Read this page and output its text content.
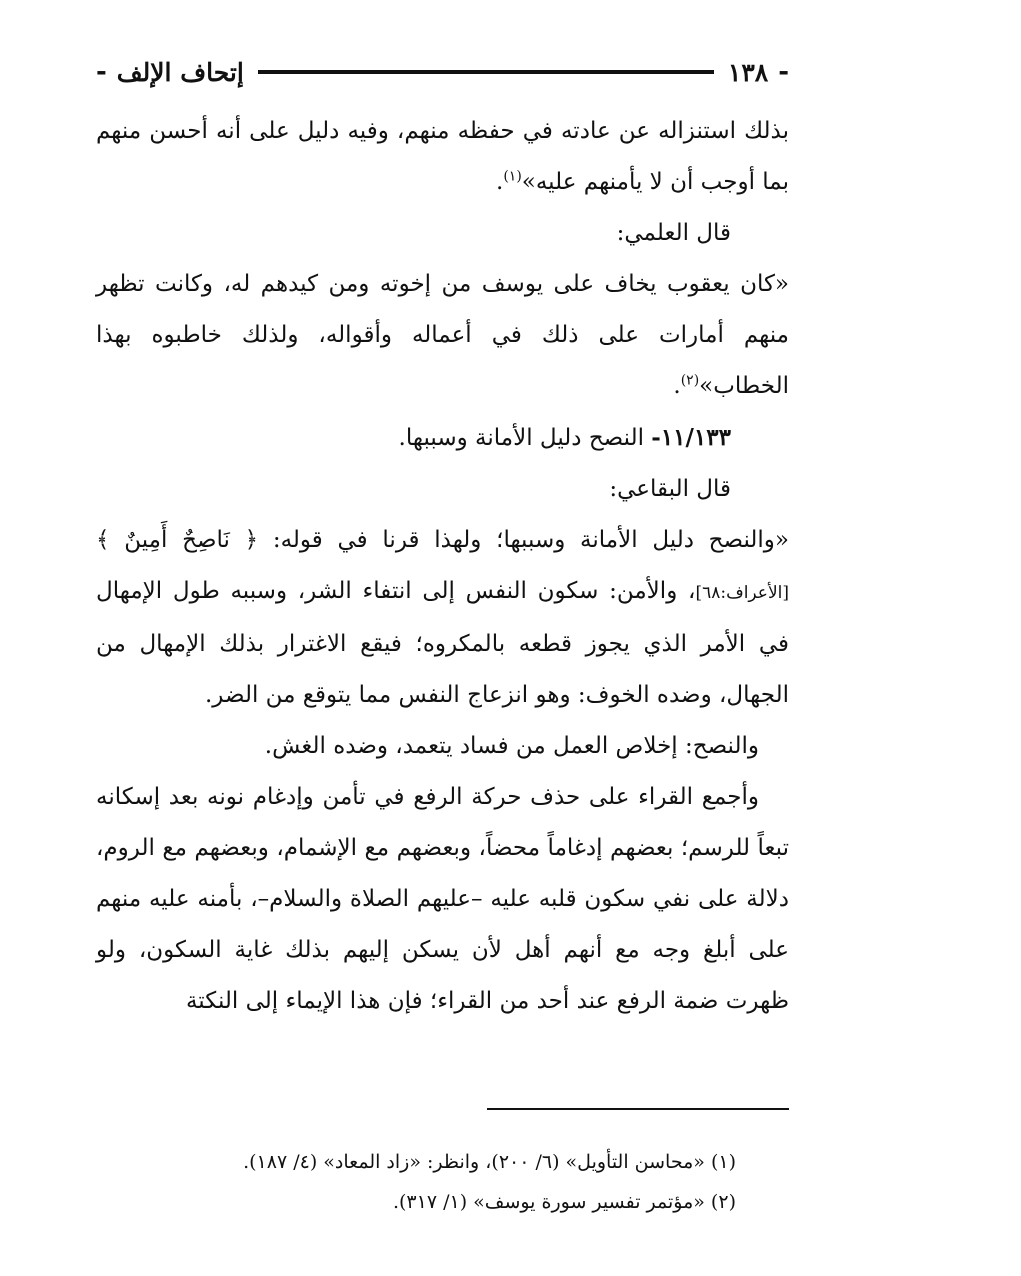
-
١٣٨
إتحاف الإلف
-

بذلك استنزاله عن عادته في حفظه منهم، وفيه دليل على أنه أحسن منهم بما أوجب أن لا يأمنهم عليه»$^{(١)}$.

قال العلمي:

«كان يعقوب يخاف على يوسف من إخوته ومن كيدهم له، وكانت تظهر منهم أمارات على ذلك في أعماله وأقواله، ولذلك خاطبوه بهذا الخطاب»$^{(٢)}$.

١١/١٣٣- النصح دليل الأمانة وسببها.

قال البقاعي:

«والنصح دليل الأمانة وسببها؛ ولهذا قرنا في قوله: ﴿ نَاصِحٌ أَمِينٌ ﴾ [الأعراف:٦٨]، والأمن: سكون النفس إلى انتفاء الشر، وسببه طول الإمهال في الأمر الذي يجوز قطعه بالمكروه؛ فيقع الاغترار بذلك الإمهال من الجهال، وضده الخوف: وهو انزعاج النفس مما يتوقع من الضر.

والنصح: إخلاص العمل من فساد يتعمد، وضده الغش.

وأجمع القراء على حذف حركة الرفع في تأمن وإدغام نونه بعد إسكانه تبعاً للرسم؛ بعضهم إدغاماً محضاً، وبعضهم مع الإشمام، وبعضهم مع الروم، دلالة على نفي سكون قلبه عليه –عليهم الصلاة والسلام–، بأمنه عليه منهم على أبلغ وجه مع أنهم أهل لأن يسكن إليهم بذلك غاية السكون، ولو ظهرت ضمة الرفع عند أحد من القراء؛ فإن هذا الإيماء إلى النكتة

(١) «محاسن التأويل» (٦/ ٢٠٠)، وانظر: «زاد المعاد» (٤/ ١٨٧).

(٢) «مؤتمر تفسير سورة يوسف» (١/ ٣١٧).
